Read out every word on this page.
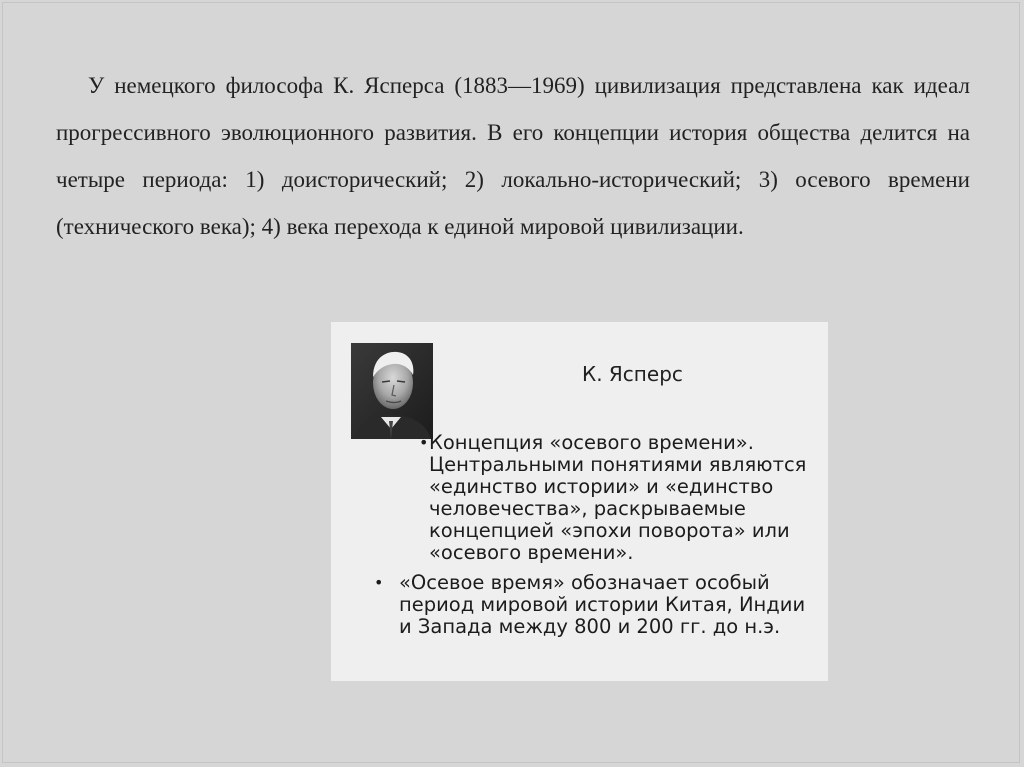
У немецкого философа К. Ясперса (1883—1969) цивилизация представлена как идеал прогрессивного эволюционного развития. В его концепции история общества делится на четыре периода: 1) доисторический; 2) локально-исторический; 3) осевого времени (технического века); 4) века перехода к единой мировой цивилизации.

К. Ясперс
• Концепция «осевого времени». Центральными понятиями являются «единство истории» и «единство человечества», раскрываемые концепцией «эпохи поворота» или «осевого времени».
• «Осевое время» обозначает особый период мировой истории Китая, Индии и Запада между 800 и 200 гг. до н.э.
